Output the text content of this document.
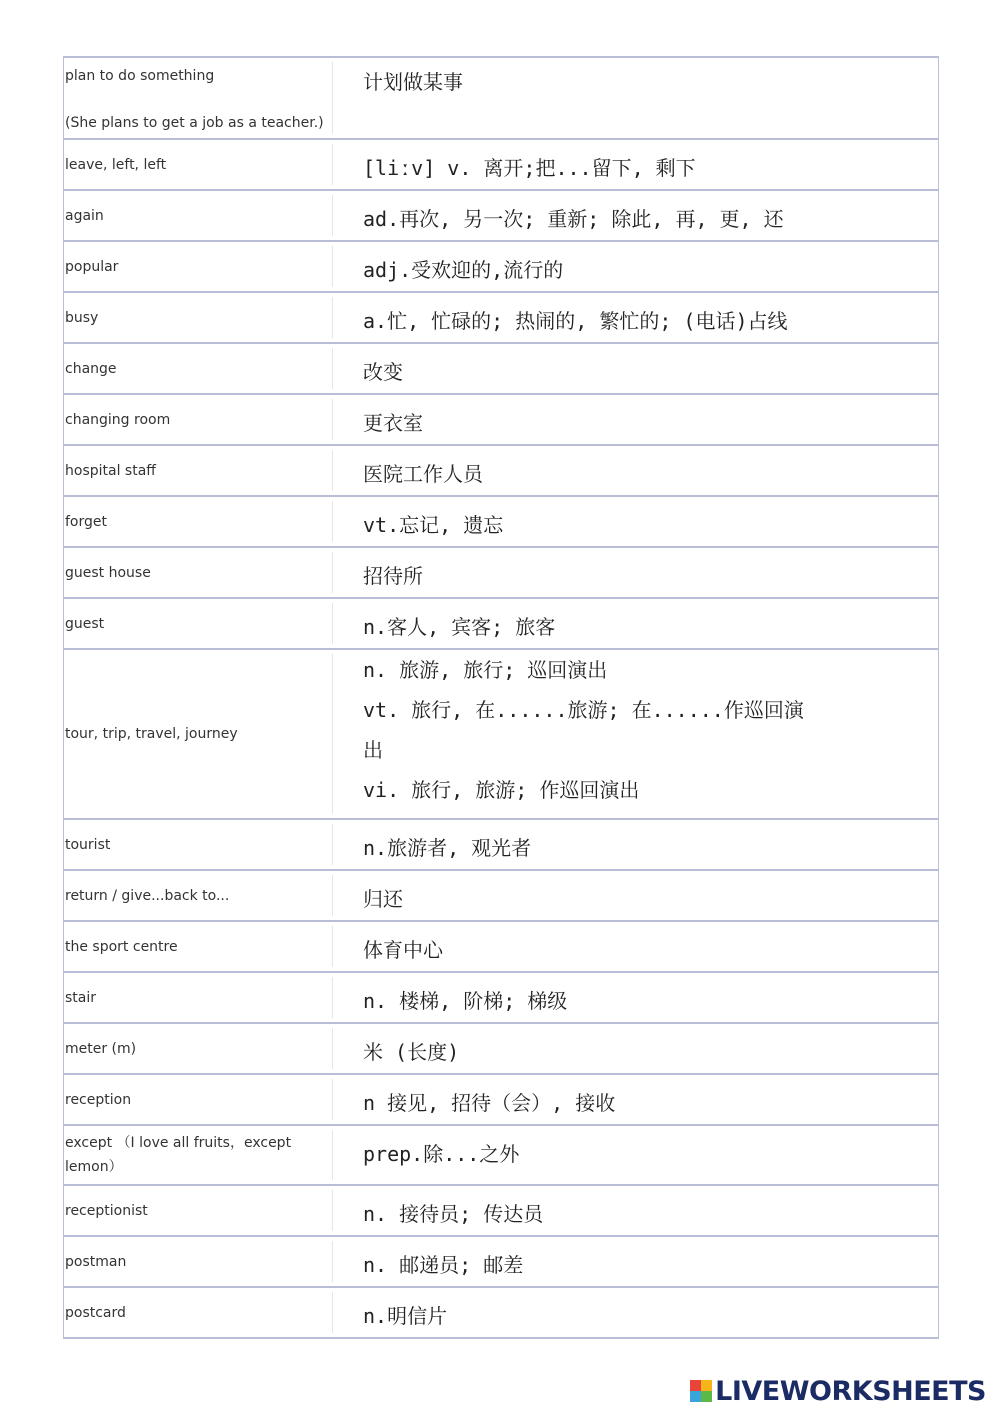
plan to do something
(She plans to get a job as a teacher.)	计划做某事

leave, left, left	[liːv] v. 离开;把...留下, 剩下

again	ad.再次, 另一次; 重新; 除此, 再, 更, 还

popular	adj.受欢迎的,流行的

busy	a.忙, 忙碌的; 热闹的, 繁忙的; (电话)占线

change	改变

changing room	更衣室

hospital staff	医院工作人员

forget	vt.忘记, 遗忘

guest house	招待所

guest	n.客人, 宾客; 旅客

tour, trip, travel, journey	n. 旅游, 旅行; 巡回演出
vt. 旅行, 在......旅游; 在......作巡回演
出
vi. 旅行, 旅游; 作巡回演出

tourist	n.旅游者, 观光者

return / give...back to...	归还

the sport centre	体育中心

stair	n. 楼梯, 阶梯; 梯级

meter (m)	米 (长度)

reception	n 接见, 招待（会）, 接收

except （I love all fruits，except lemon）	prep.除...之外

receptionist	n. 接待员; 传达员

postman	n. 邮递员; 邮差

postcard	n.明信片
LIVEWORKSHEETS
